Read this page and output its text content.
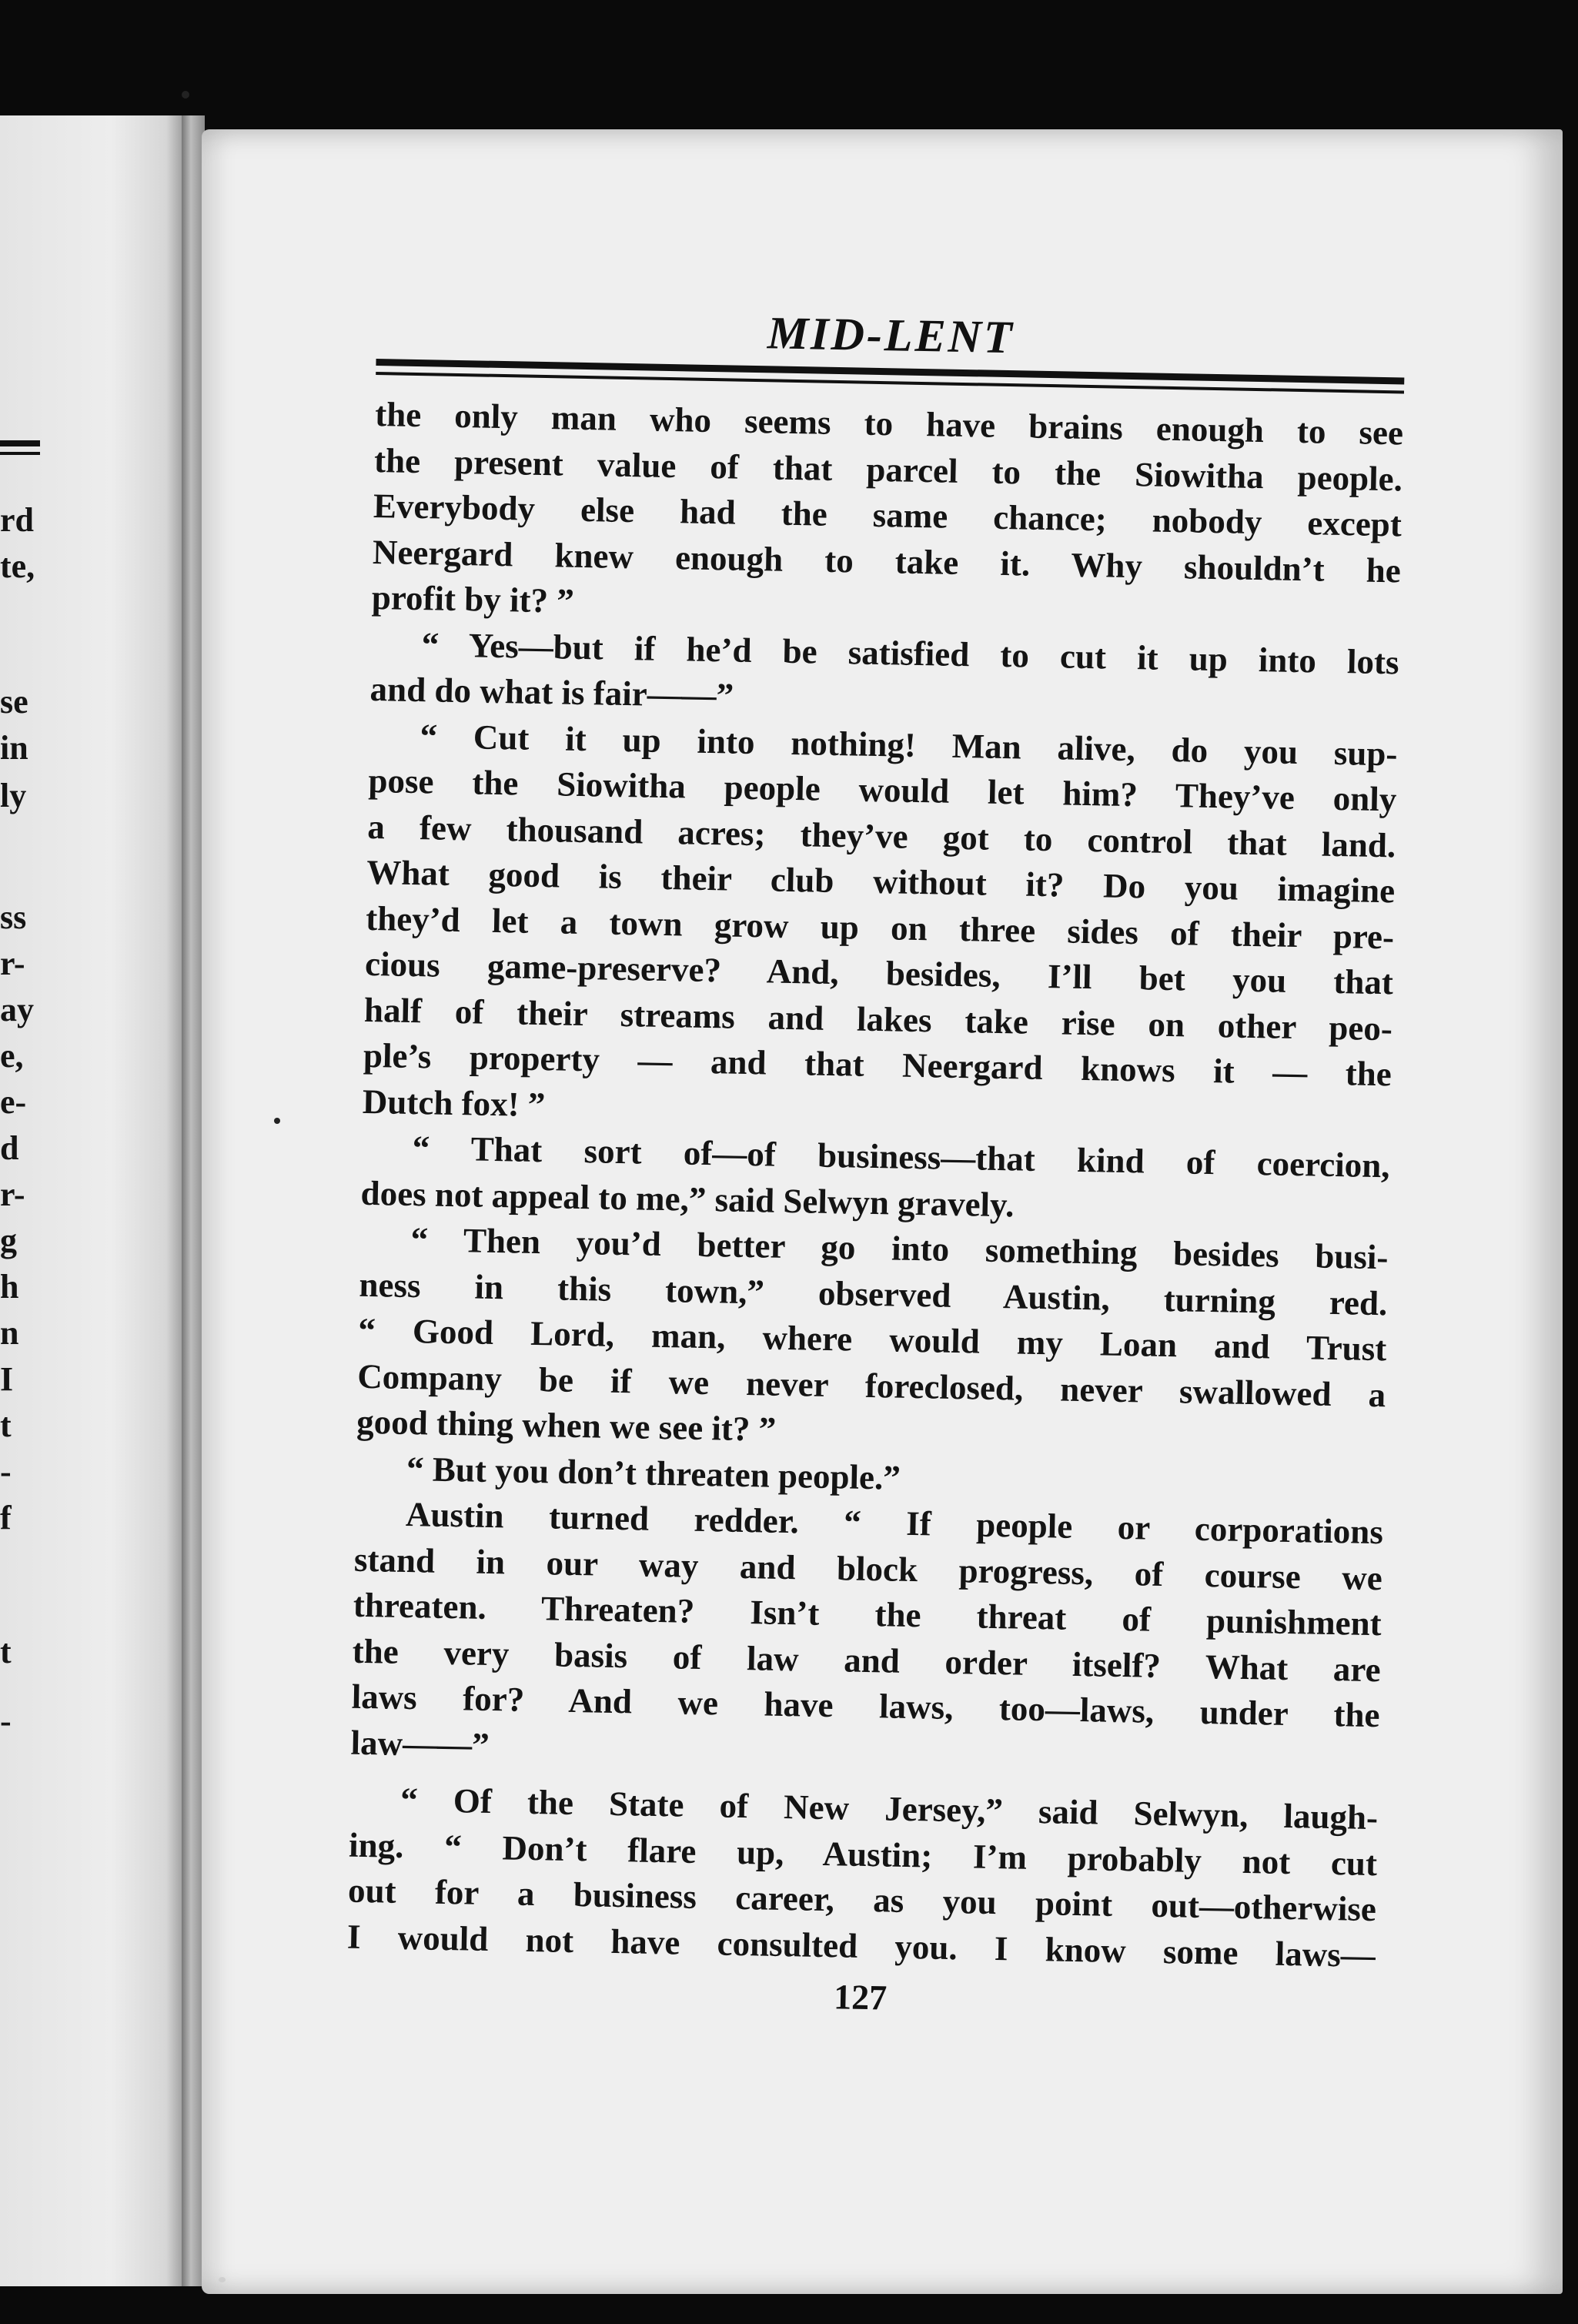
rd
te,
se
in
ly
ss
r-
ay
e,
e-
d
r-
g
h
n
I
t
-
f
t
-
MID-LENT
the only man who seems to have brains enough to see
the present value of that parcel to the Siowitha people.
Everybody else had the same chance; nobody except
Neergard knew enough to take it. Why shouldn’t he
profit by it? ”
“ Yes—but if he’d be satisfied to cut it up into lots
and do what is fair——”
“ Cut it up into nothing! Man alive, do you sup-
pose the Siowitha people would let him? They’ve only
a few thousand acres; they’ve got to control that land.
What good is their club without it? Do you imagine
they’d let a town grow up on three sides of their pre-
cious game-preserve? And, besides, I’ll bet you that
half of their streams and lakes take rise on other peo-
ple’s property — and that Neergard knows it — the
Dutch fox! ”
“ That sort of—of business—that kind of coercion,
does not appeal to me,” said Selwyn gravely.
“ Then you’d better go into something besides busi-
ness in this town,” observed Austin, turning red.
“ Good Lord, man, where would my Loan and Trust
Company be if we never foreclosed, never swallowed a
good thing when we see it? ”
“ But you don’t threaten people.”
Austin turned redder. “ If people or corporations
stand in our way and block progress, of course we
threaten. Threaten? Isn’t the threat of punishment
the very basis of law and order itself? What are
laws for? And we have laws, too—laws, under the
law——”
“ Of the State of New Jersey,” said Selwyn, laugh-
ing. “ Don’t flare up, Austin; I’m probably not cut
out for a business career, as you point out—otherwise
I would not have consulted you. I know some laws—
127
